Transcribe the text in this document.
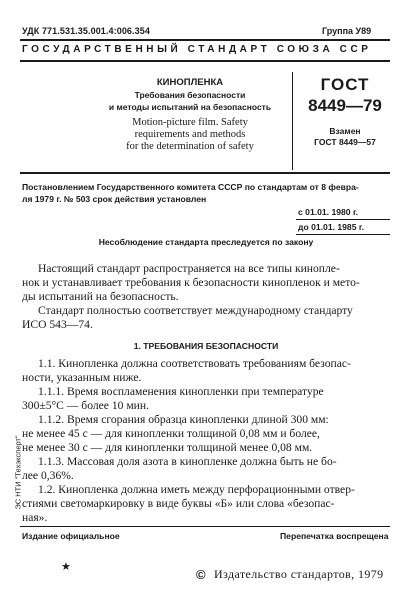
УДК 771.531.35.001.4:006.354	Группа У89
ГОСУДАРСТВЕННЫЙ СТАНДАРТ СОЮЗА ССР
КИНОПЛЕНКА
Требования безопасности
и методы испытаний на безопасность
Motion-picture film. Safety
requirements and methods
for the determination of safety
ГОСТ
8449—79
Взамен
ГОСТ 8449—57
Постановлением Государственного комитета СССР по стандартам от 8 февра-
ля 1979 г. № 503 срок действия установлен
с 01.01. 1980 г.
до 01.01. 1985 г.
Несоблюдение стандарта преследуется по закону
Настоящий стандарт распространяется на все типы кинопле-
нок и устанавливает требования к безопасности кинопленок и мето-
ды испытаний на безопасность.
Стандарт полностью соответствует международному стандарту
ИСО 543—74.
1. ТРЕБОВАНИЯ БЕЗОПАСНОСТИ
1.1. Кинопленка должна соответствовать требованиям безопас-
ности, указанным ниже.
1.1.1. Время воспламенения кинопленки при температуре
300±5°С — более 10 мин.
1.1.2. Время сгорания образца кинопленки длиной 300 мм:
не менее 45 с — для кинопленки толщиной 0,08 мм и более,
не менее 30 с — для кинопленки толщиной менее 0,08 мм.
1.1.3. Массовая доля азота в кинопленке должна быть не бо-
лее 0,36%.
1.2. Кинопленка должна иметь между перфорационными отвер-
стиями светомаркировку в виде буквы «Б» или слова «безопас-
ная».
ЭС НТИ "Техэксперт"
Издание официальное	Перепечатка воспрещена
★	© Издательство стандартов, 1979
